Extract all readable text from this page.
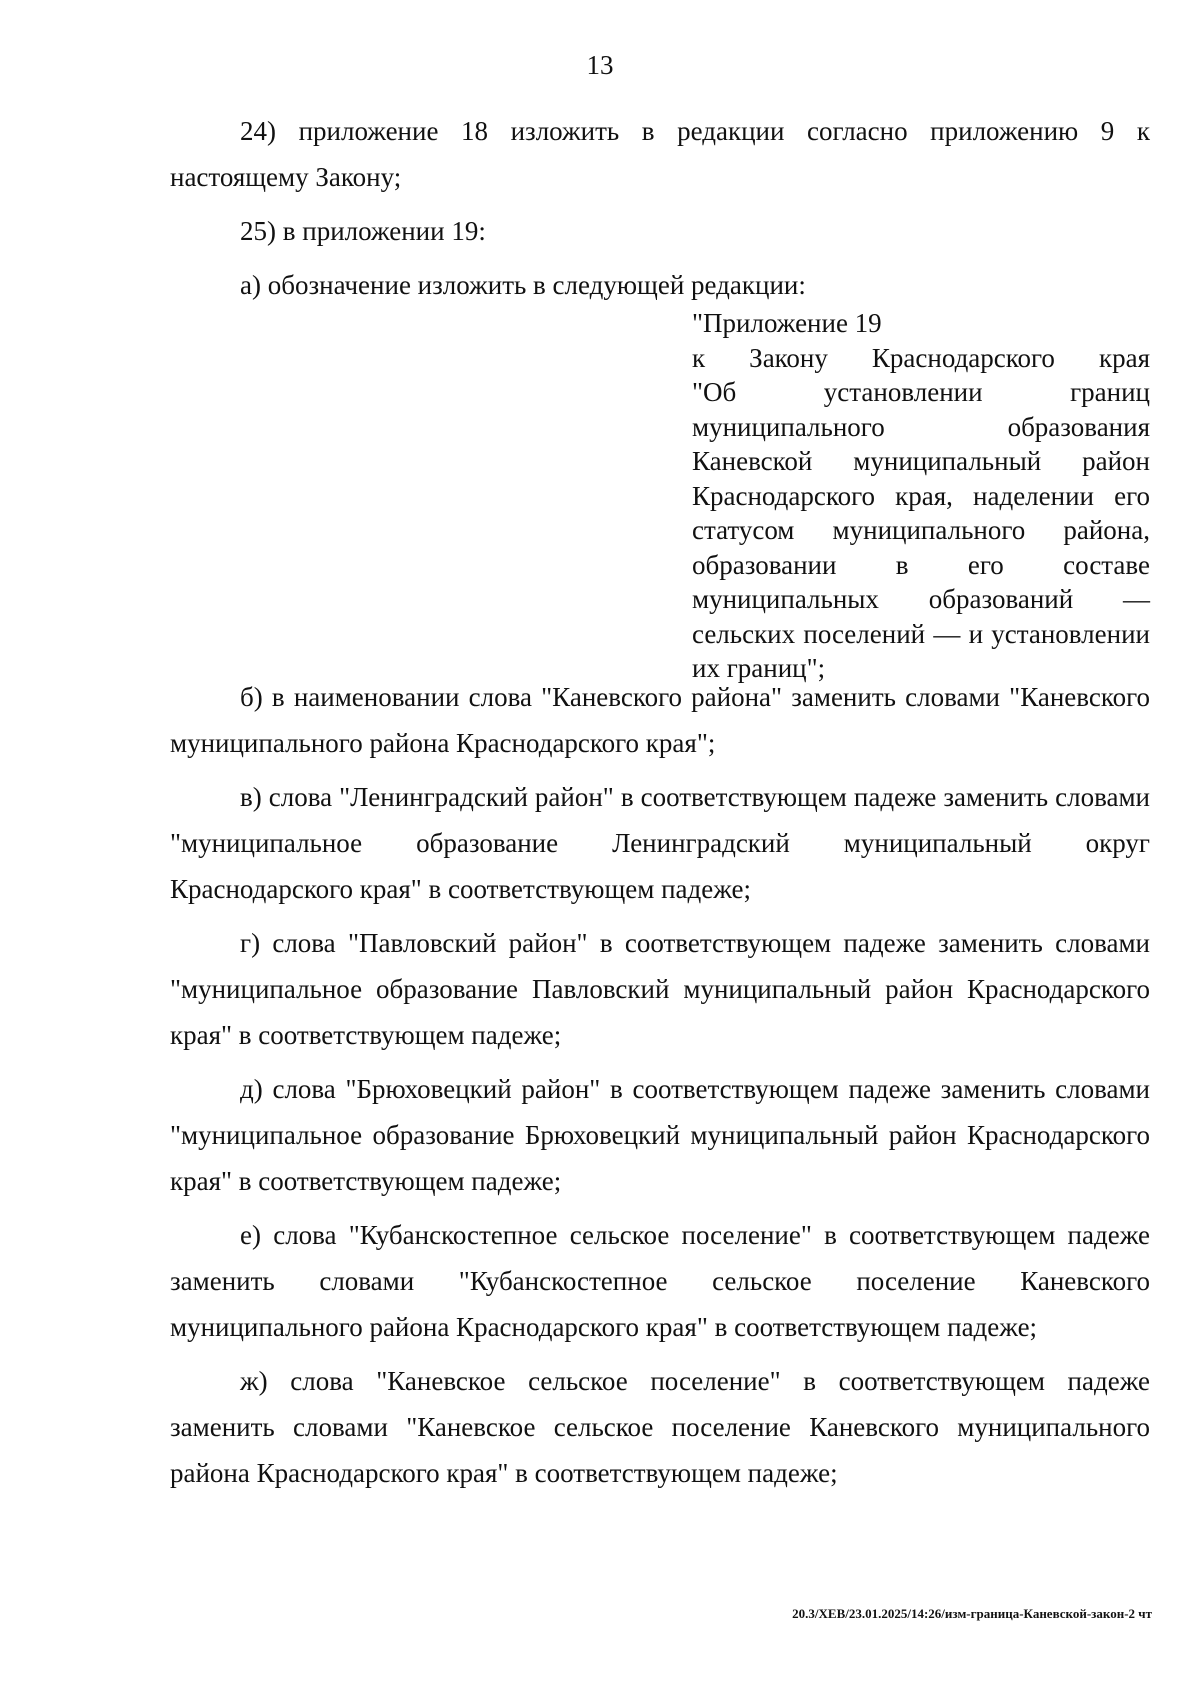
13

24) приложение 18 изложить в редакции согласно приложению 9 к настоящему Закону;

25) в приложении 19:

а) обозначение изложить в следующей редакции:

"Приложение 19
к Закону Краснодарского края
"Об установлении границ муниципального образования Каневской муниципальный район Краснодарского края, наделении его статусом муниципального района, образовании в его составе муниципальных образований — сельских поселений — и установлении их границ";

б) в наименовании слова "Каневского района" заменить словами "Каневского муниципального района Краснодарского края";

в) слова "Ленинградский район" в соответствующем падеже заменить словами "муниципальное образование Ленинградский муниципальный округ Краснодарского края" в соответствующем падеже;

г) слова "Павловский район" в соответствующем падеже заменить словами "муниципальное образование Павловский муниципальный район Краснодарского края" в соответствующем падеже;

д) слова "Брюховецкий район" в соответствующем падеже заменить словами "муниципальное образование Брюховецкий муниципальный район Краснодарского края" в соответствующем падеже;

е) слова "Кубанскостепное сельское поселение" в соответствующем падеже заменить словами "Кубанскостепное сельское поселение Каневского муниципального района Краснодарского края" в соответствующем падеже;

ж) слова "Каневское сельское поселение" в соответствующем падеже заменить словами "Каневское сельское поселение Каневского муниципального района Краснодарского края" в соответствующем падеже;

20.3/ХЕВ/23.01.2025/14:26/изм-граница-Каневской-закон-2 чт
